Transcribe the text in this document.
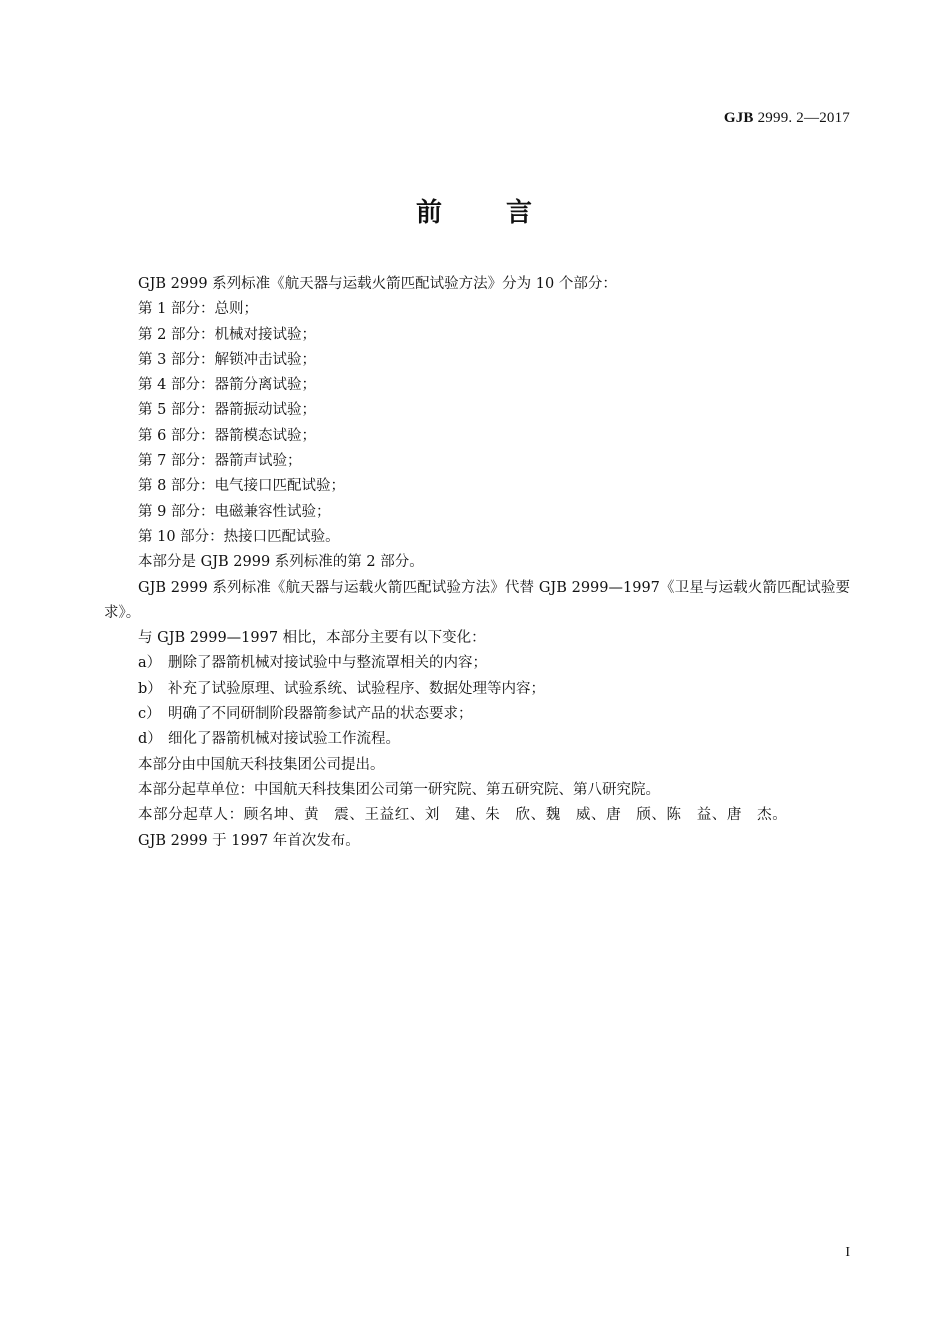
GJB 2999. 2—2017
前 言
GJB 2999 系列标准《航天器与运载火箭匹配试验方法》分为 10 个部分：
第 1 部分：总则；
第 2 部分：机械对接试验；
第 3 部分：解锁冲击试验；
第 4 部分：器箭分离试验；
第 5 部分：器箭振动试验；
第 6 部分：器箭模态试验；
第 7 部分：器箭声试验；
第 8 部分：电气接口匹配试验；
第 9 部分：电磁兼容性试验；
第 10 部分：热接口匹配试验。
本部分是 GJB 2999 系列标准的第 2 部分。
GJB 2999 系列标准《航天器与运载火箭匹配试验方法》代替 GJB 2999—1997《卫星与运载火箭匹配试验要求》。
与 GJB 2999—1997 相比，本部分主要有以下变化：
a） 删除了器箭机械对接试验中与整流罩相关的内容；
b） 补充了试验原理、试验系统、试验程序、数据处理等内容；
c） 明确了不同研制阶段器箭参试产品的状态要求；
d） 细化了器箭机械对接试验工作流程。
本部分由中国航天科技集团公司提出。
本部分起草单位：中国航天科技集团公司第一研究院、第五研究院、第八研究院。
本部分起草人：顾名坤、黄　震、王益红、刘　建、朱　欣、魏　威、唐　颀、陈　益、唐　杰。
GJB 2999 于 1997 年首次发布。
I
